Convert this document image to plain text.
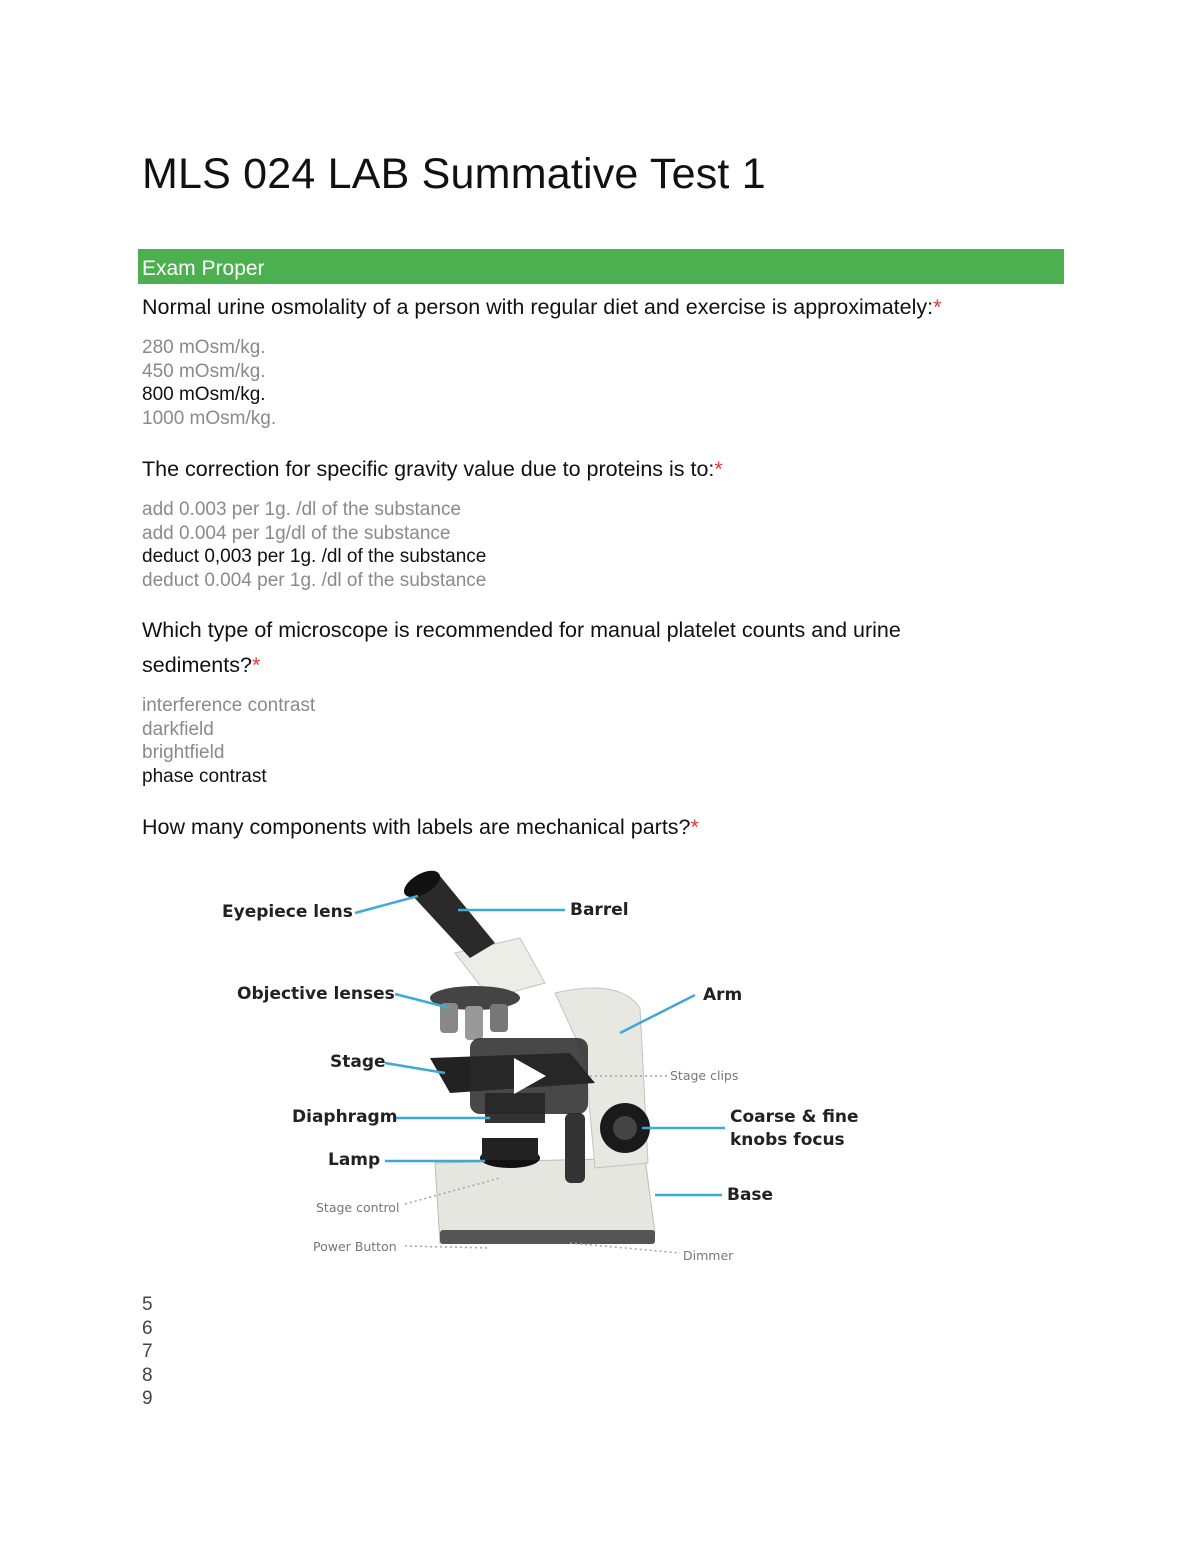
MLS 024 LAB Summative Test 1
Exam Proper
Normal urine osmolality of a person with regular diet and exercise is approximately:*
280 mOsm/kg.
450 mOsm/kg.
800 mOsm/kg.
1000 mOsm/kg.
The correction for specific gravity value due to proteins is to:*
add 0.003 per 1g. /dl of the substance
add 0.004 per 1g/dl of the substance
deduct 0,003 per 1g. /dl of the substance
deduct 0.004 per 1g. /dl of the substance
Which type of microscope is recommended for manual platelet counts and urine
sediments?*
interference contrast
darkfield
brightfield
phase contrast
How many components with labels are mechanical parts?*
Eyepiece lens	Barrel
Objective lenses	Arm
Stage
Stage clips
Diaphragm	Coarse & fine
knobs focus
Lamp
Base
Stage control
Power Button
Dimmer
5
6
7
8
9
